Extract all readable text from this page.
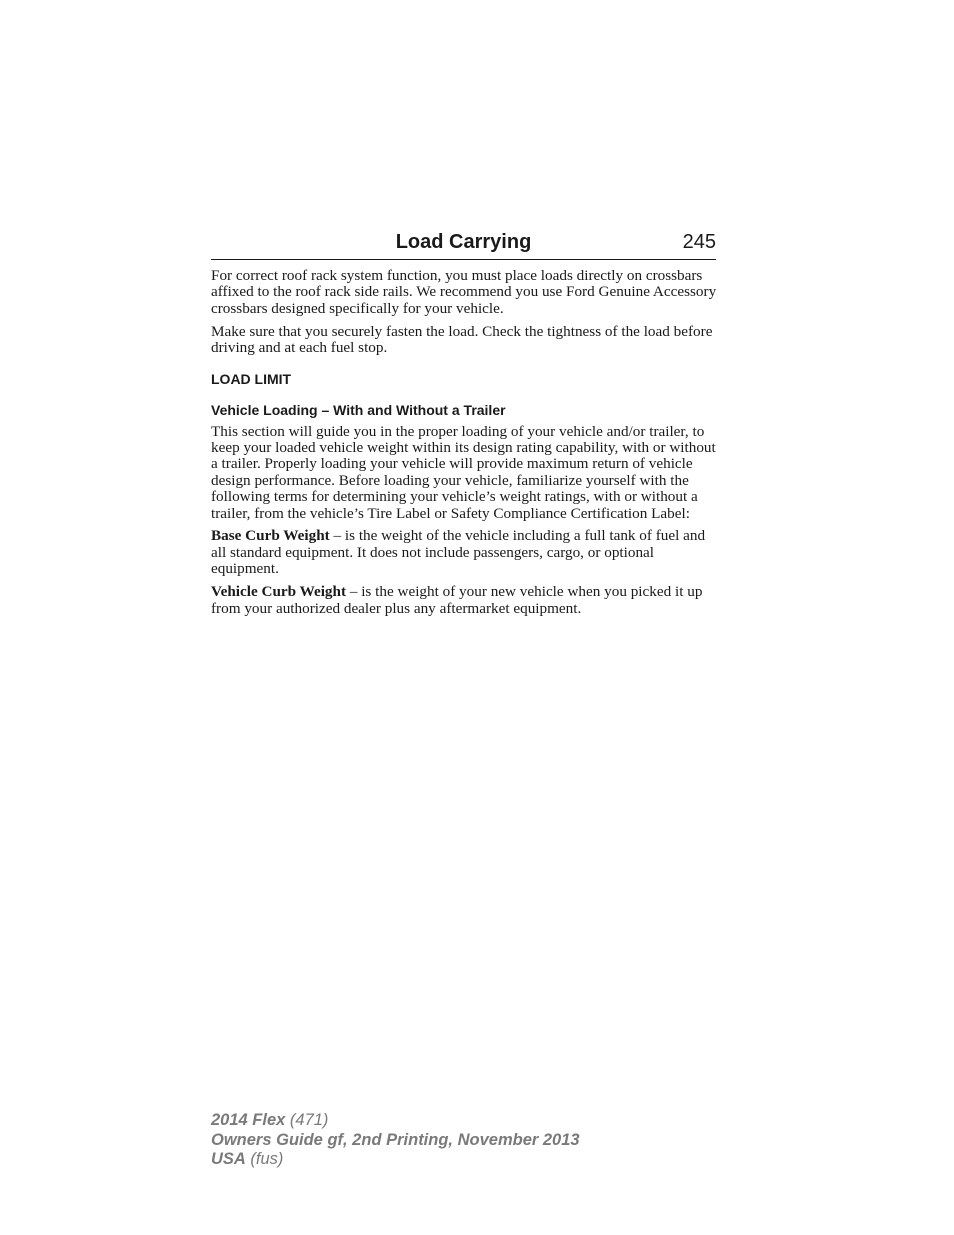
Load Carrying	245

For correct roof rack system function, you must place loads directly on crossbars affixed to the roof rack side rails. We recommend you use Ford Genuine Accessory crossbars designed specifically for your vehicle.

Make sure that you securely fasten the load. Check the tightness of the load before driving and at each fuel stop.

LOAD LIMIT
Vehicle Loading – With and Without a Trailer

This section will guide you in the proper loading of your vehicle and/or trailer, to keep your loaded vehicle weight within its design rating capability, with or without a trailer. Properly loading your vehicle will provide maximum return of vehicle design performance. Before loading your vehicle, familiarize yourself with the following terms for determining your vehicle’s weight ratings, with or without a trailer, from the vehicle’s Tire Label or Safety Compliance Certification Label:

Base Curb Weight – is the weight of the vehicle including a full tank of fuel and all standard equipment. It does not include passengers, cargo, or optional equipment.

Vehicle Curb Weight – is the weight of your new vehicle when you picked it up from your authorized dealer plus any aftermarket equipment.

2014 Flex (471)
Owners Guide gf, 2nd Printing, November 2013
USA (fus)
